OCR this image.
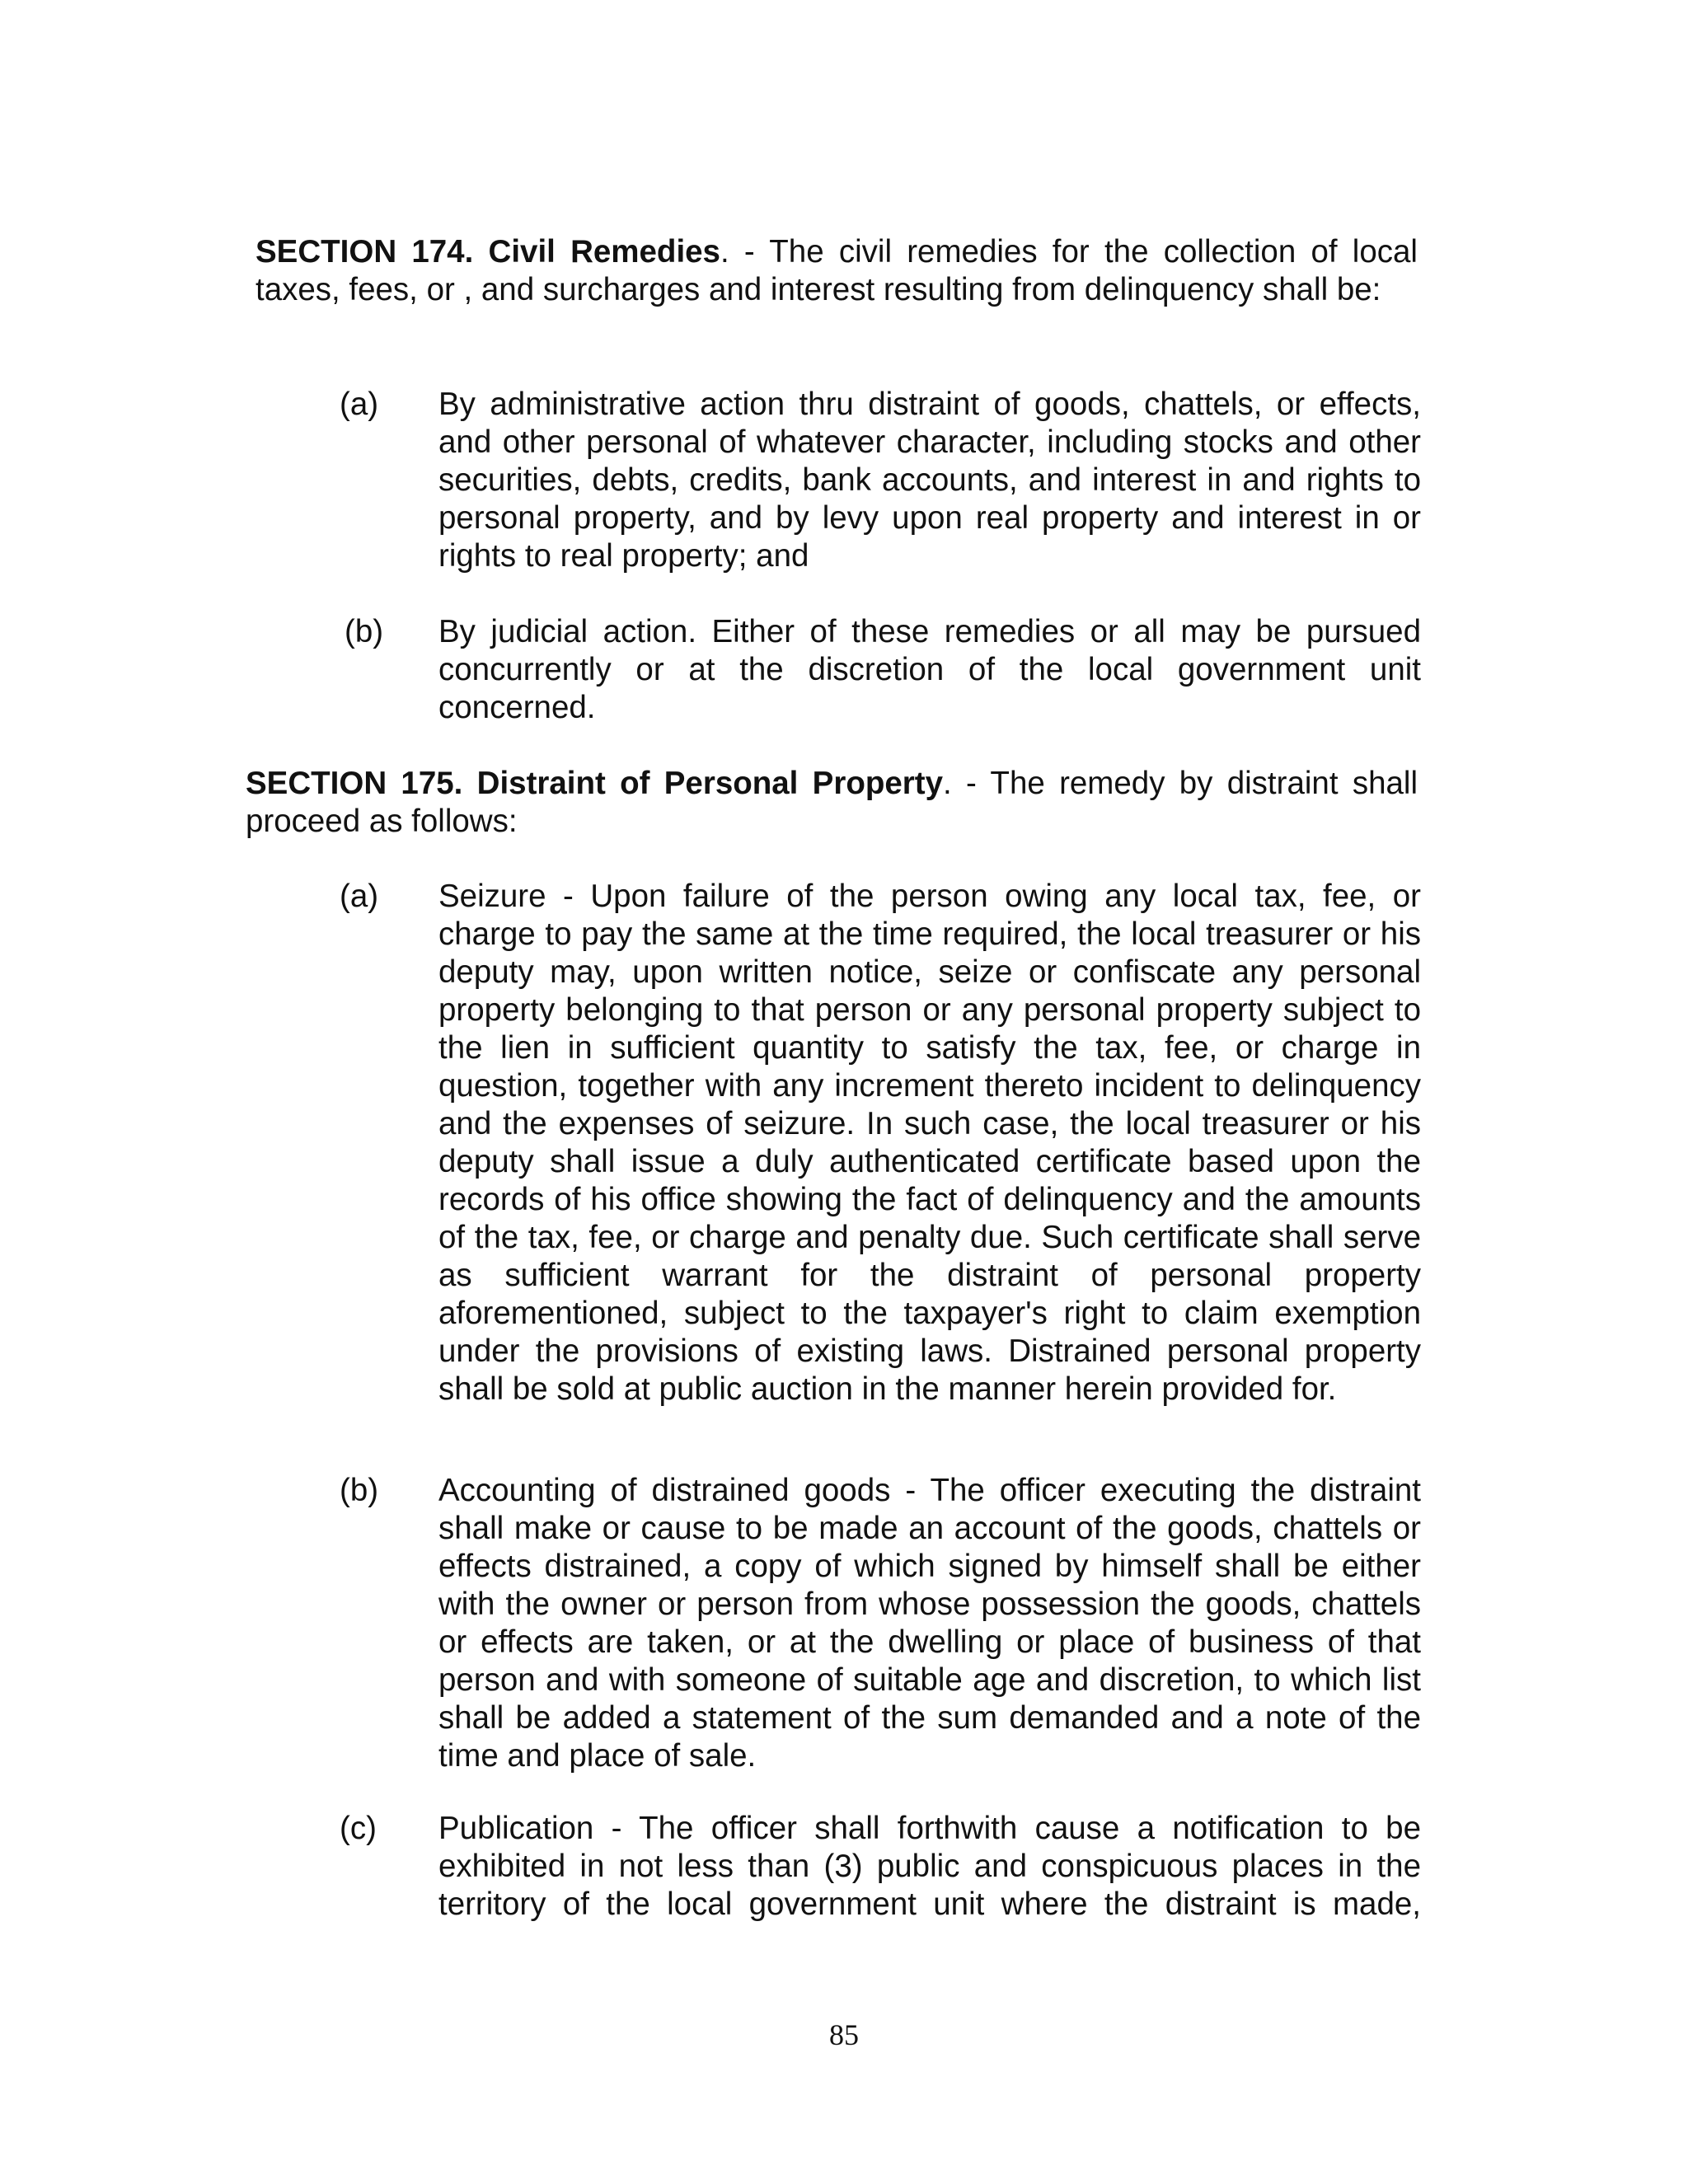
SECTION 174. Civil Remedies. - The civil remedies for the collection of local taxes, fees, or , and surcharges and interest resulting from delinquency shall be:

(a)	By administrative action thru distraint of goods, chattels, or effects, and other personal of whatever character, including stocks and other securities, debts, credits, bank accounts, and interest in and rights to personal property, and by levy upon real property and interest in or rights to real property; and
(b)	By judicial action. Either of these remedies or all may be pursued concurrently or at the discretion of the local government unit concerned.

SECTION 175. Distraint of Personal Property. - The remedy by distraint shall proceed as follows:

(a)	Seizure - Upon failure of the person owing any local tax, fee, or charge to pay the same at the time required, the local treasurer or his deputy may, upon written notice, seize or confiscate any personal property belonging to that person or any personal property subject to the lien in sufficient quantity to satisfy the tax, fee, or charge in question, together with any increment thereto incident to delinquency and the expenses of seizure. In such case, the local treasurer or his deputy shall issue a duly authenticated certificate based upon the records of his office showing the fact of delinquency and the amounts of the tax, fee, or charge and penalty due. Such certificate shall serve as sufficient warrant for the distraint of personal property aforementioned, subject to the taxpayer's right to claim exemption under the provisions of existing laws. Distrained personal property shall be sold at public auction in the manner herein provided for.
(b)	Accounting of distrained goods - The officer executing the distraint shall make or cause to be made an account of the goods, chattels or effects distrained, a copy of which signed by himself shall be either with the owner or person from whose possession the goods, chattels or effects are taken, or at the dwelling or place of business of that person and with someone of suitable age and discretion, to which list shall be added a statement of the sum demanded and a note of the time and place of sale.
(c)	Publication - The officer shall forthwith cause a notification to be exhibited in not less than (3) public and conspicuous places in the territory of the local government unit where the distraint is made,
85
